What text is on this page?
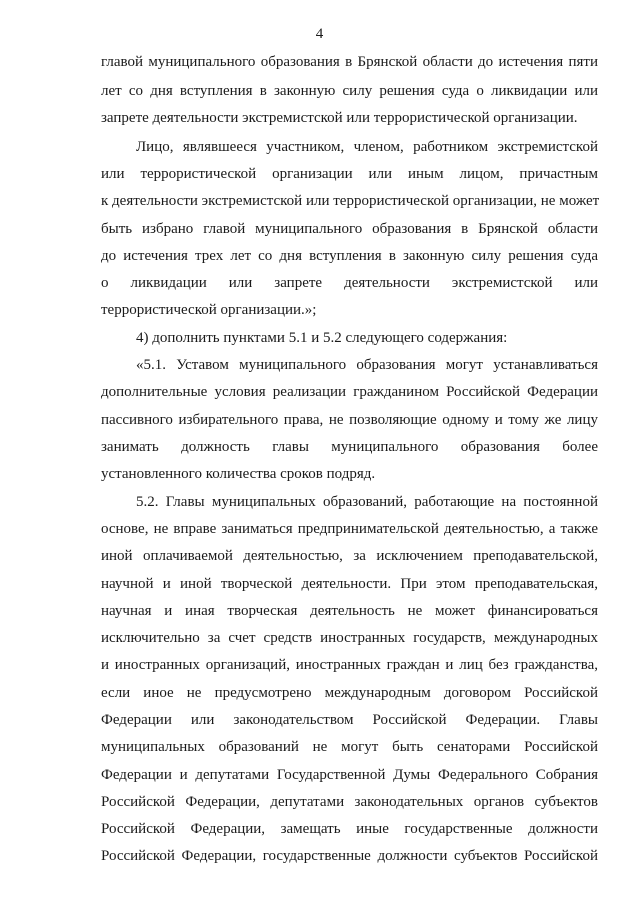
4
главой муниципального образования в Брянской области до истечения пяти
лет со дня вступления в законную силу решения суда о ликвидации или
запрете деятельности экстремистской или террористической организации.
Лицо, являвшееся участником, членом, работником экстремистской
или террористической организации или иным лицом, причастным
к деятельности экстремистской или террористической организации, не может
быть избрано главой муниципального образования в Брянской области
до истечения трех лет со дня вступления в законную силу решения суда
о ликвидации или запрете деятельности экстремистской или
террористической организации.»;
4) дополнить пунктами 5.1 и 5.2 следующего содержания:
«5.1. Уставом муниципального образования могут устанавливаться
дополнительные условия реализации гражданином Российской Федерации
пассивного избирательного права, не позволяющие одному и тому же лицу
занимать должность главы муниципального образования более
установленного количества сроков подряд.
5.2. Главы муниципальных образований, работающие на постоянной
основе, не вправе заниматься предпринимательской деятельностью, а также
иной оплачиваемой деятельностью, за исключением преподавательской,
научной и иной творческой деятельности. При этом преподавательская,
научная и иная творческая деятельность не может финансироваться
исключительно за счет средств иностранных государств, международных
и иностранных организаций, иностранных граждан и лиц без гражданства,
если иное не предусмотрено международным договором Российской
Федерации или законодательством Российской Федерации. Главы
муниципальных образований не могут быть сенаторами Российской
Федерации и депутатами Государственной Думы Федерального Собрания
Российской Федерации, депутатами законодательных органов субъектов
Российской Федерации, замещать иные государственные должности
Российской Федерации, государственные должности субъектов Российской
